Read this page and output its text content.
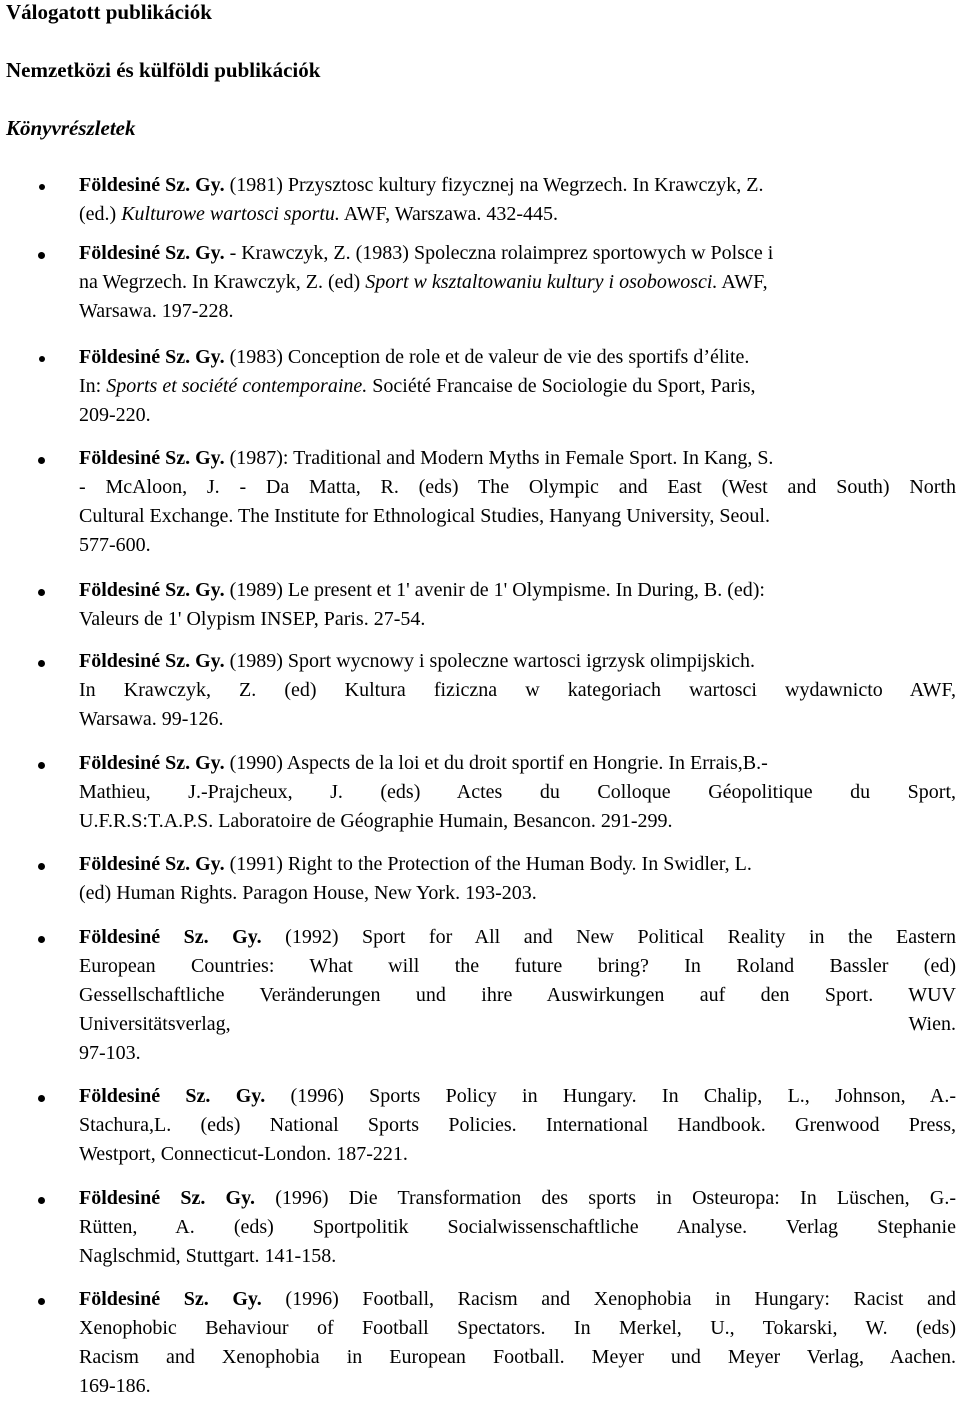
Válogatott publikációk
Nemzetközi és külföldi publikációk
Könyvrészletek
Földesiné Sz. Gy. (1981) Przysztosc kultury fizycznej na Wegrzech. In Krawczyk, Z.
(ed.) Kulturowe wartosci sportu. AWF, Warszawa. 432-445.
Földesiné Sz. Gy. - Krawczyk, Z. (1983) Spoleczna rolaimprez sportowych w Polsce i
na Wegrzech. In Krawczyk, Z. (ed) Sport w ksztaltowaniu kultury i osobowosci. AWF,
Warsawa. 197-228.
Földesiné Sz. Gy. (1983) Conception de role et de valeur de vie des sportifs d’élite.
In: Sports et société contemporaine. Société Francaise de Sociologie du Sport, Paris,
209-220.
Földesiné Sz. Gy. (1987): Traditional and Modern Myths in Female Sport. In Kang, S.
- McAloon, J. - Da Matta, R. (eds) The Olympic and East (West and South) North
Cultural Exchange. The Institute for Ethnological Studies, Hanyang University, Seoul.
577-600.
Földesiné Sz. Gy. (1989) Le present et 1' avenir de 1' Olympisme. In During, B. (ed):
Valeurs de 1' Olypism INSEP, Paris. 27-54.
Földesiné Sz. Gy. (1989) Sport wycnowy i spoleczne wartosci igrzysk olimpijskich.
In Krawczyk, Z. (ed) Kultura fiziczna w kategoriach wartosci wydawnicto AWF,
Warsawa. 99-126.
Földesiné Sz. Gy. (1990) Aspects de la loi et du droit sportif en Hongrie. In Errais,B.-
Mathieu, J.-Prajcheux, J. (eds) Actes du Colloque Géopolitique du Sport,
U.F.R.S:T.A.P.S. Laboratoire de Géographie Humain, Besancon. 291-299.
Földesiné Sz. Gy. (1991) Right to the Protection of the Human Body. In Swidler, L.
(ed) Human Rights. Paragon House, New York. 193-203.
Földesiné Sz. Gy. (1992) Sport for All and New Political Reality in the Eastern
European Countries: What will the future bring? In Roland Bassler (ed)
Gessellschaftliche Veränderungen und ihre Auswirkungen auf den Sport. WUV
Universitätsverlag, Wien.
97-103.
Földesiné Sz. Gy. (1996) Sports Policy in Hungary. In Chalip, L., Johnson, A.-
Stachura,L. (eds) National Sports Policies. International Handbook. Grenwood Press,
Westport, Connecticut-London. 187-221.
Földesiné Sz. Gy. (1996) Die Transformation des sports in Osteuropa: In Lüschen, G.-
Rütten, A. (eds) Sportpolitik Socialwissenschaftliche Analyse. Verlag Stephanie
Naglschmid, Stuttgart. 141-158.
Földesiné Sz. Gy. (1996) Football, Racism and Xenophobia in Hungary: Racist and
Xenophobic Behaviour of Football Spectators. In Merkel, U., Tokarski, W. (eds)
Racism and Xenophobia in European Football. Meyer und Meyer Verlag, Aachen.
169-186.
